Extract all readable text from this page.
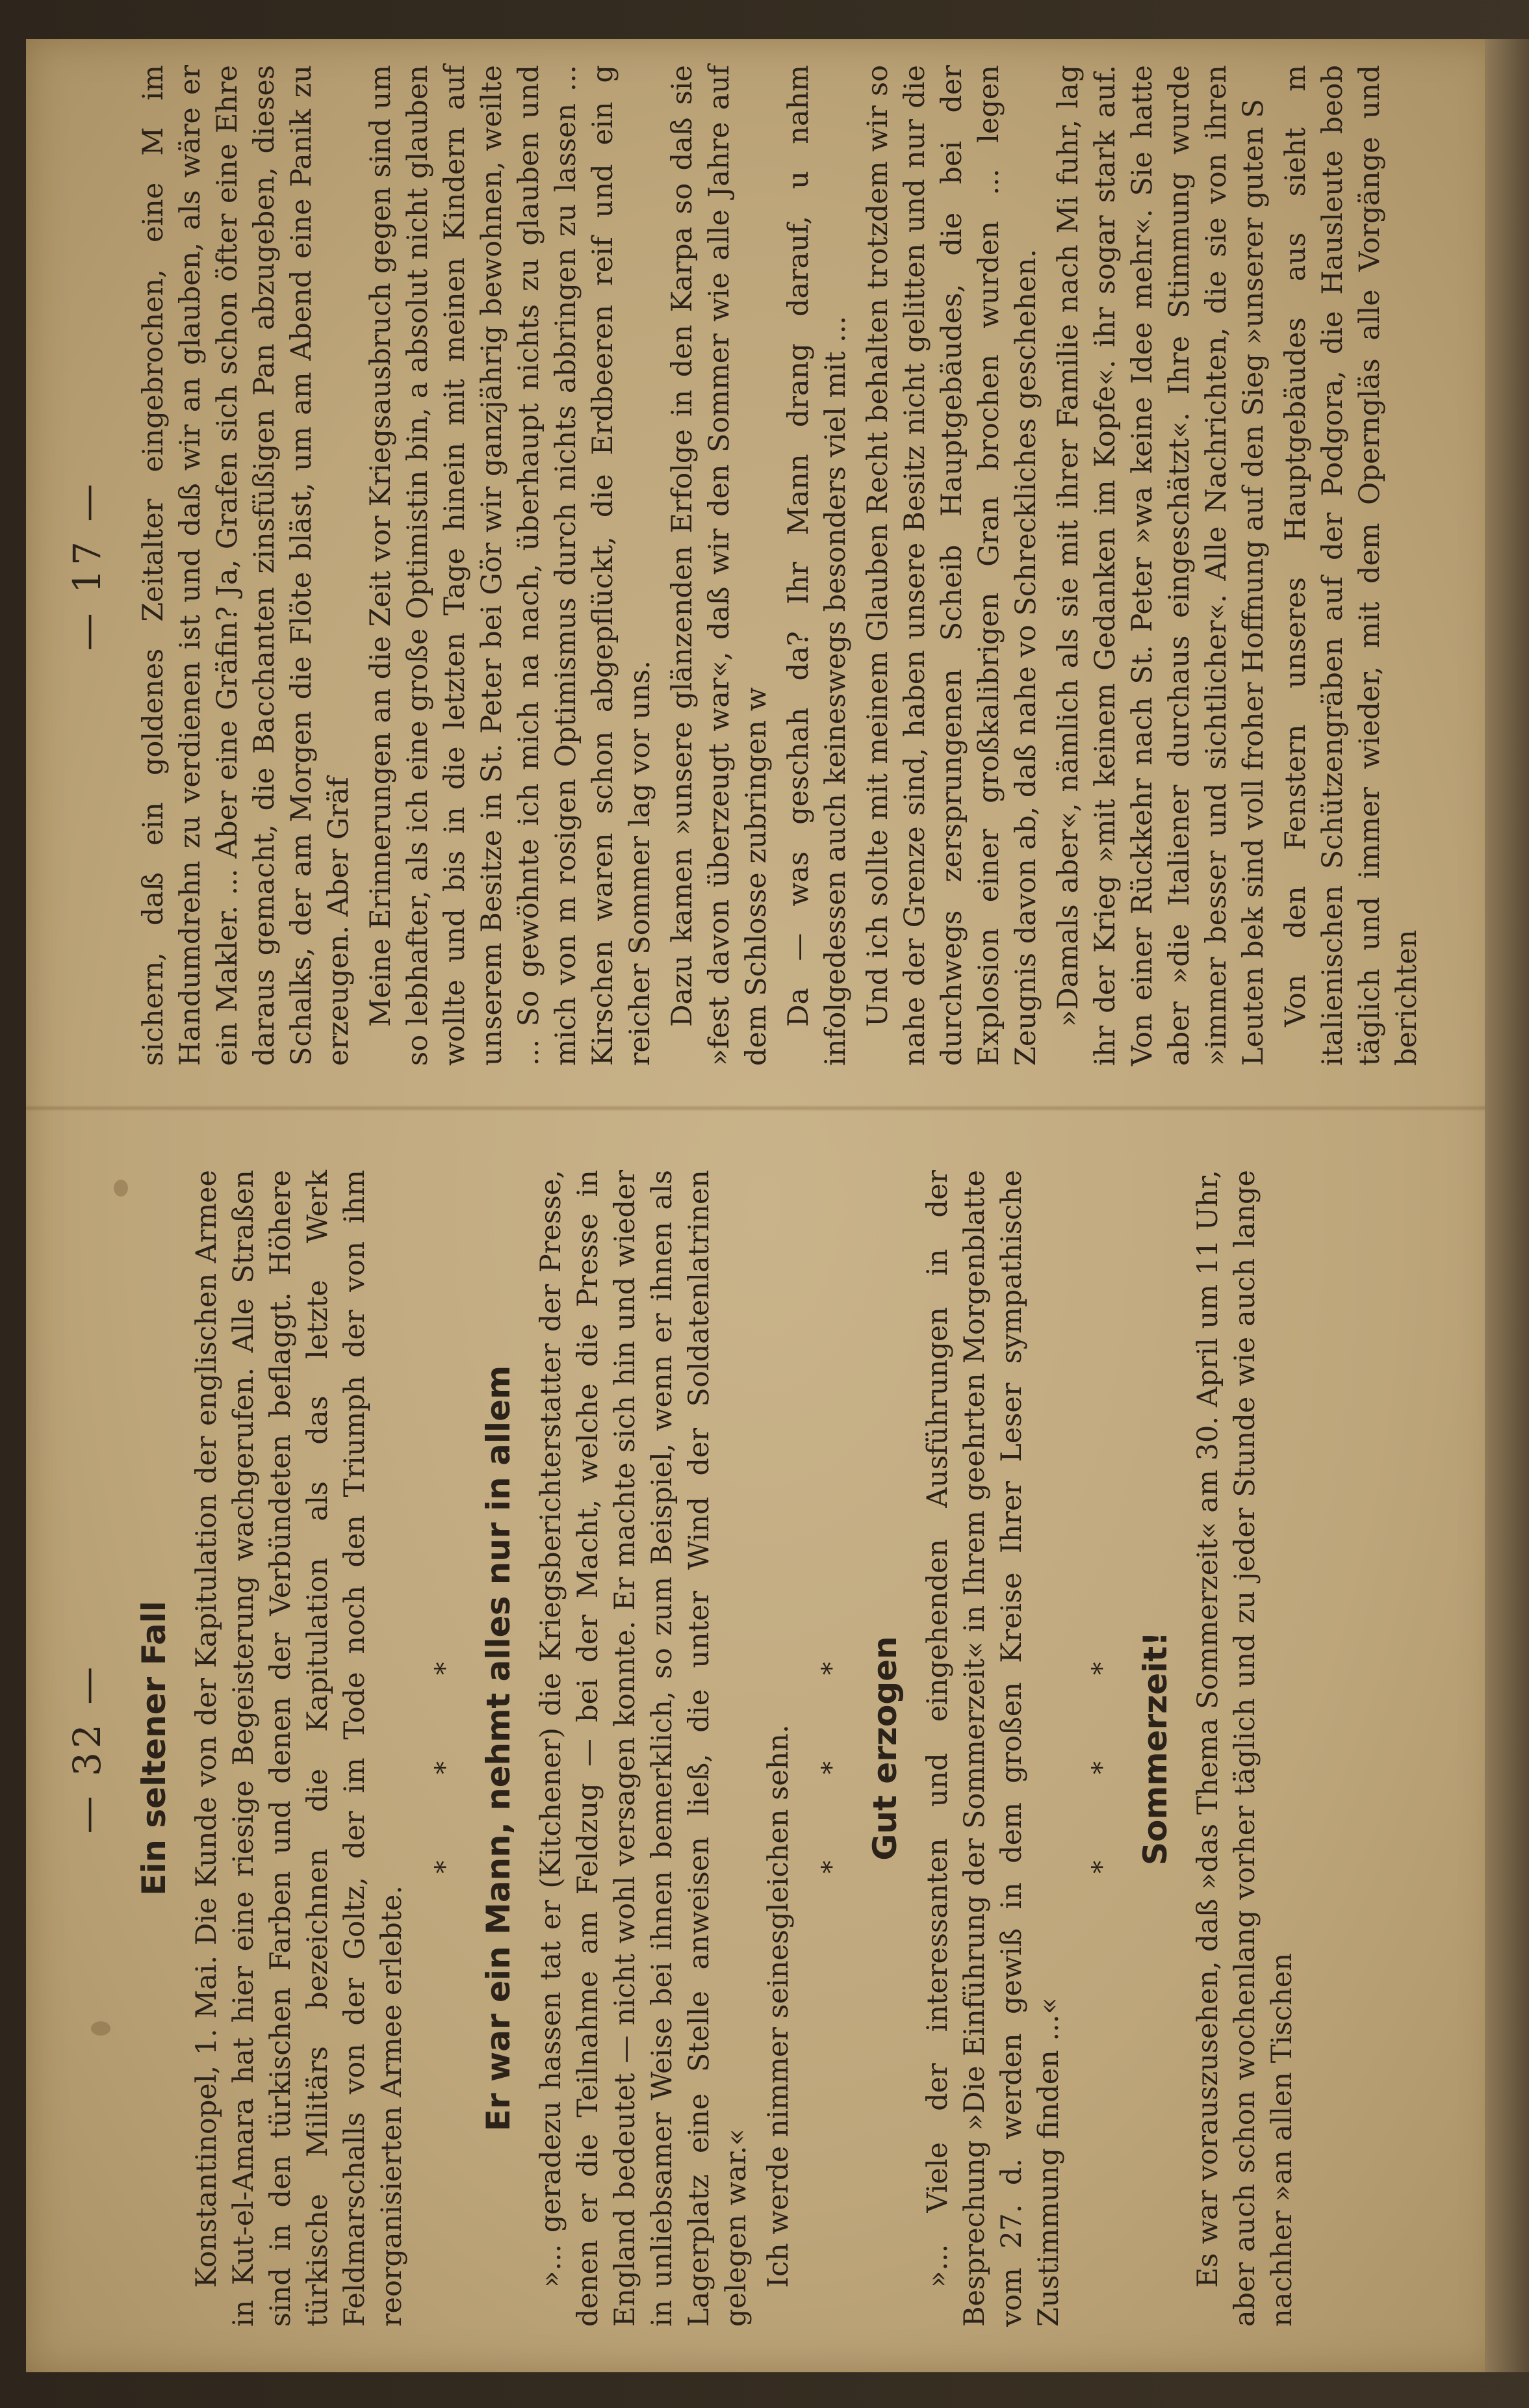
— 32 — Ein seltener Fall Konstantinopel, 1. Mai. Die Kunde von der Kapitulation der englischen Armee in Kut-el-Amara hat hier eine riesige Begeisterung wachgerufen. Alle Straßen sind in den türkischen Farben und denen der Verbündeten beflaggt. Höhere türkische Militärs bezeichnen die Kapitulation als das letzte Werk Feldmarschalls von der Goltz, der im Tode noch den Triumph der von ihm reorganisierten Armee erlebte.

* * * Er war ein Mann, nehmt alles nur in allem »... geradezu hassen tat er (Kitchener) die Kriegsberichterstatter der Presse, denen er die Teilnahme am Feldzug — bei der Macht, welche die Presse in England bedeutet — nicht wohl versagen konnte. Er machte sich hin und wieder in unliebsamer Weise bei ihnen bemerklich, so zum Beispiel, wenn er ihnen als Lagerplatz eine Stelle anweisen ließ, die unter Wind der Soldatenlatrinen gelegen war.« Ich werde nimmer seinesgleichen sehn. * * * Gut erzogen »... Viele der interessanten und eingehenden Ausführungen in der Besprechung »Die Einführung der Sommerzeit« in Ihrem geehrten Morgenblatte vom 27. d. werden gewiß in dem großen Kreise Ihrer Leser sympathische Zustimmung finden ...«

* * * Sommerzeit! Es war vorauszusehen, daß »das Thema Sommerzeit« am 30. April um 11 Uhr, aber auch schon wochenlang vorher täglich und zu jeder Stunde wie auch lange nachher »an allen Tischen

— 17 — sichern, daß ein goldenes Zeitalter eingebrochen, eine M im Handumdrehn zu verdienen ist und daß wir an glauben, als wäre er ein Makler. ... Aber eine Gräfin? Ja, Grafen sich schon öfter eine Ehre daraus gemacht, die Bacchanten zinsfüßigen Pan abzugeben, dieses Schalks, der am Morgen die Flöte bläst, um am Abend eine Panik zu erzeugen. Aber Gräf Meine Erinnerungen an die Zeit vor Kriegsausbruch gegen sind um so lebhafter, als ich eine große Optimistin bin, a absolut nicht glauben wollte und bis in die letzten Tage hinein mit meinen Kindern auf unserem Besitze in St. Peter bei Gör wir ganzjährig bewohnen, weilte ... So gewöhnte ich mich na nach, überhaupt nichts zu glauben und mich von m rosigen Optimismus durch nichts abbringen zu lassen ... Kirschen waren schon abgepflückt, die Erdbeeren reif und ein g reicher Sommer lag vor uns. Dazu kamen »unsere glänzenden Erfolge in den Karpa so daß sie »fest davon überzeugt war«, daß wir den Sommer wie alle Jahre auf dem Schlosse zubringen w Da — was geschah da? Ihr Mann drang darauf, u nahm infolgedessen auch keineswegs besonders viel mit ... Und ich sollte mit meinem Glauben Recht behalten trotzdem wir so nahe der Grenze sind, haben unsere Besitz nicht gelitten und nur die durchwegs zersprungenen Scheib Hauptgebäudes, die bei der Explosion einer großkalibrigen Gran brochen wurden ... legen Zeugnis davon ab, daß nahe vo Schreckliches geschehen. »Damals aber«, nämlich als sie mit ihrer Familie nach Mi fuhr, lag ihr der Krieg »mit keinem Gedanken im Kopfe«. ihr sogar stark auf. Von einer Rückkehr nach St. Peter »wa keine Idee mehr«. Sie hatte aber »die Italiener durchaus eingeschätzt«. Ihre Stimmung wurde »immer besser und sichtlicher«. Alle Nachrichten, die sie von ihren Leuten bek sind voll froher Hoffnung auf den Sieg »unserer guten S Von den Fenstern unseres Hauptgebäudes aus sieht m italienischen Schützengräben auf der Podgora, die Hausleute beob täglich und immer wieder, mit dem Operngläs alle Vorgänge und berichten
